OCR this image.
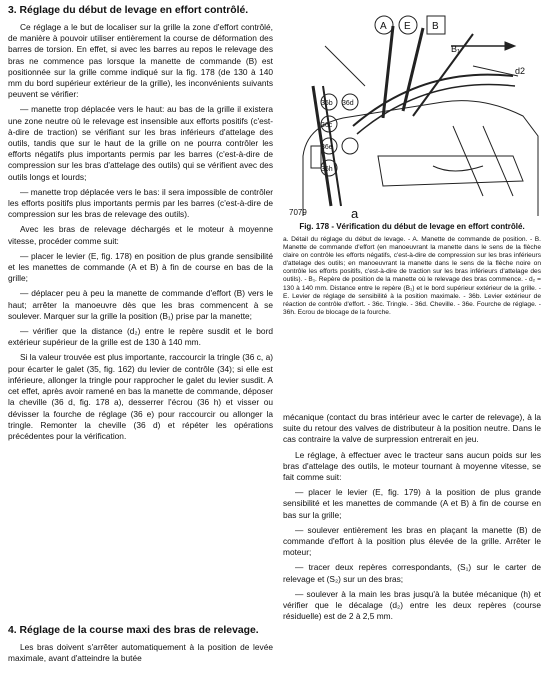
3. Réglage du début de levage en effort contrôlé.

Ce réglage a le but de localiser sur la grille la zone d'effort contrôlé, de manière à pouvoir utiliser entièrement la course de déformation des barres de torsion. En effet, si avec les barres au repos le relevage des bras ne commence pas lorsque la manette de commande (B) est positionnée sur la grille comme indiqué sur la fig. 178 (de 130 à 140 mm du bord supérieur extérieur de la grille), les inconvénients suivants peuvent se vérifier:

— manette trop déplacée vers le haut: au bas de la grille il existera une zone neutre où le relevage est insensible aux efforts positifs (c'est-à-dire de traction) se vérifiant sur les bras inférieurs d'attelage des outils, tandis que sur le haut de la grille on ne pourra contrôler les efforts négatifs plus importants permis par les barres (c'est-à-dire de compression sur les bras d'attelage des outils) qui se vérifient avec des outils longs et lourds;

— manette trop déplacée vers le bas: il sera impossible de contrôler les efforts positifs plus importants permis par les barres (c'est-à-dire de compression sur les bras de relevage des outils).

Avec les bras de relevage déchargés et le moteur à moyenne vitesse, procéder comme suit:

— placer le levier (E, fig. 178) en position de plus grande sensibilité et les manettes de commande (A et B) à fin de course en bas de la grille;

— déplacer peu à peu la manette de commande d'effort (B) vers le haut; arrêter la manoeuvre dès que les bras commencent à se soulever. Marquer sur la grille la position (B₁) prise par la manette;

— vérifier que la distance (d₂) entre le repère susdit et le bord extérieur supérieur de la grille est de 130 à 140 mm.

Si la valeur trouvée est plus importante, raccourcir la tringle (36 c, a) pour écarter le galet (35, fig. 162) du levier de contrôle (34); si elle est inférieure, allonger la tringle pour rapprocher le galet du levier susdit. A cet effet, après avoir ramené en bas la manette de commande, déposer la cheville (36 d, fig. 178 a), desserrer l'écrou (36 h) et visser ou dévisser la fourche de réglage (36 e) pour raccourcir ou allonger la tringle. Remonter la cheville (36 d) et répéter les opérations précédentes pour la vérification.

4. Réglage de la course maxi des bras de relevage.

Les bras doivent s'arrêter automatiquement à la position de levée maximale, avant d'atteindre la butée

A E B
B₁
d2
36b 36d
36c
36e
36h
a
7079

Fig. 178 - Vérification du début de levage en effort contrôlé.

a. Détail du réglage du début de levage. - A. Manette de commande de position. - B. Manette de commande d'effort (en manoeuvrant la manette dans le sens de la flèche claire on contrôle les efforts négatifs, c'est-à-dire de compression sur les bras inférieurs d'attelage des outils; en manoeuvrant la manette dans le sens de la flèche noire on contrôle les efforts positifs, c'est-à-dire de traction sur les bras inférieurs d'attelage des outils). - B₁. Repère de position de la manette où le relevage des bras commence. - d₂ = 130 à 140 mm. Distance entre le repère (B₁) et le bord supérieur extérieur de la grille. - E. Levier de réglage de sensibilité à la position maximale. - 36b. Levier extérieur de réaction de contrôle d'effort. - 36c. Tringle. - 36d. Cheville. - 36e. Fourche de réglage. - 36h. Ecrou de blocage de la fourche.

mécanique (contact du bras intérieur avec le carter de relevage), à la suite du retour des valves de distributeur à la position neutre. Dans le cas contraire la valve de surpression entrerait en jeu.

Le réglage, à effectuer avec le tracteur sans aucun poids sur les bras d'attelage des outils, le moteur tournant à moyenne vitesse, se fait comme suit:

— placer le levier (E, fig. 179) à la position de plus grande sensibilité et les manettes de commande (A et B) à fin de course en bas sur la grille;

— soulever entièrement les bras en plaçant la manette (B) de commande d'effort à la position plus élevée de la grille. Arrêter le moteur;

— tracer deux repères correspondants, (S₁) sur le carter de relevage et (S₂) sur un des bras;

— soulever à la main les bras jusqu'à la butée mécanique (h) et vérifier que le décalage (d₂) entre les deux repères (course résiduelle) est de 2 à 2,5 mm.
